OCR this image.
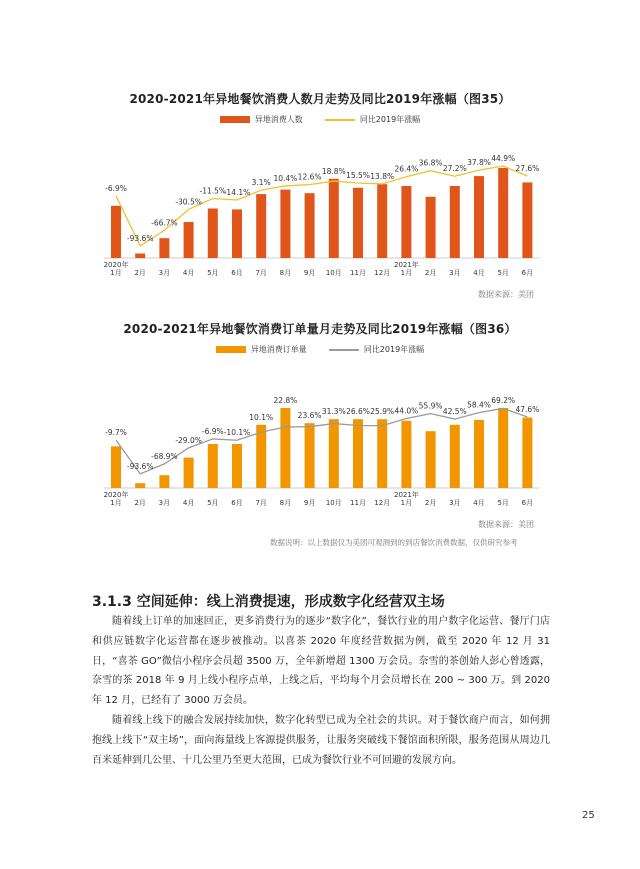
2020-2021年异地餐饮消费人数月走势及同比2019年涨幅（图35）
异地消费人数	同比2019年涨幅
1月
2020年
2月 3月 4月 5月 6月 7月 8月 9月 10月 11月 12月 1月
2021年
2月 3月 4月 5月 6月
-6.9%
-93.6%
-66.7%
-30.5%
-11.5%
-14.1%
3.1% 10.4% 12.6%
18.8% 15.5% 13.8%
26.4%
36.8%
27.2%
37.8% 44.9%
27.6%
数据来源：美团
2020-2021年异地餐饮消费订单量月走势及同比2019年涨幅（图36）
异地消费订单量	同比2019年涨幅
1月
2020年
2月 3月 4月 5月 6月 7月 8月 9月 10月 11月 12月 1月
2021年
2月 3月 4月 5月 6月
-9.7%
-93.6%
-68.9%
-29.0%
-6.9% -10.1%
10.1%
22.8%
23.6% 31.3% 26.6% 25.9% 44.0%
55.9%
42.5%
58.4%
69.2%
47.6%
数据来源：美团
数据说明：以上数据仅为美团可观测到的到店餐饮消费数据，仅供研究参考
3.1.3 空间延伸：线上消费提速，形成数字化经营双主场

随着线上订单的加速回正，更多消费行为的逐步“数字化”，餐饮行业的用户数字化运营、餐厅门店和供应链数字化运营都在逐步被推动。以喜茶 2020 年度经营数据为例，截至 2020 年 12 月 31 日，“喜茶 GO”微信小程序会员超 3500 万，全年新增超 1300 万会员。奈雪的茶创始人彭心曾透露，奈雪的茶 2018 年 9 月上线小程序点单，上线之后，平均每个月会员增长在 200 ~ 300 万。到 2020 年 12 月，已经有了 3000 万会员。

随着线上线下的融合发展持续加快，数字化转型已成为全社会的共识。对于餐饮商户而言，如何拥抱线上线下“双主场”，面向海量线上客源提供服务，让服务突破线下餐馆面积所限，服务范围从周边几百米延伸到几公里、十几公里乃至更大范围，已成为餐饮行业不可回避的发展方向。

25
